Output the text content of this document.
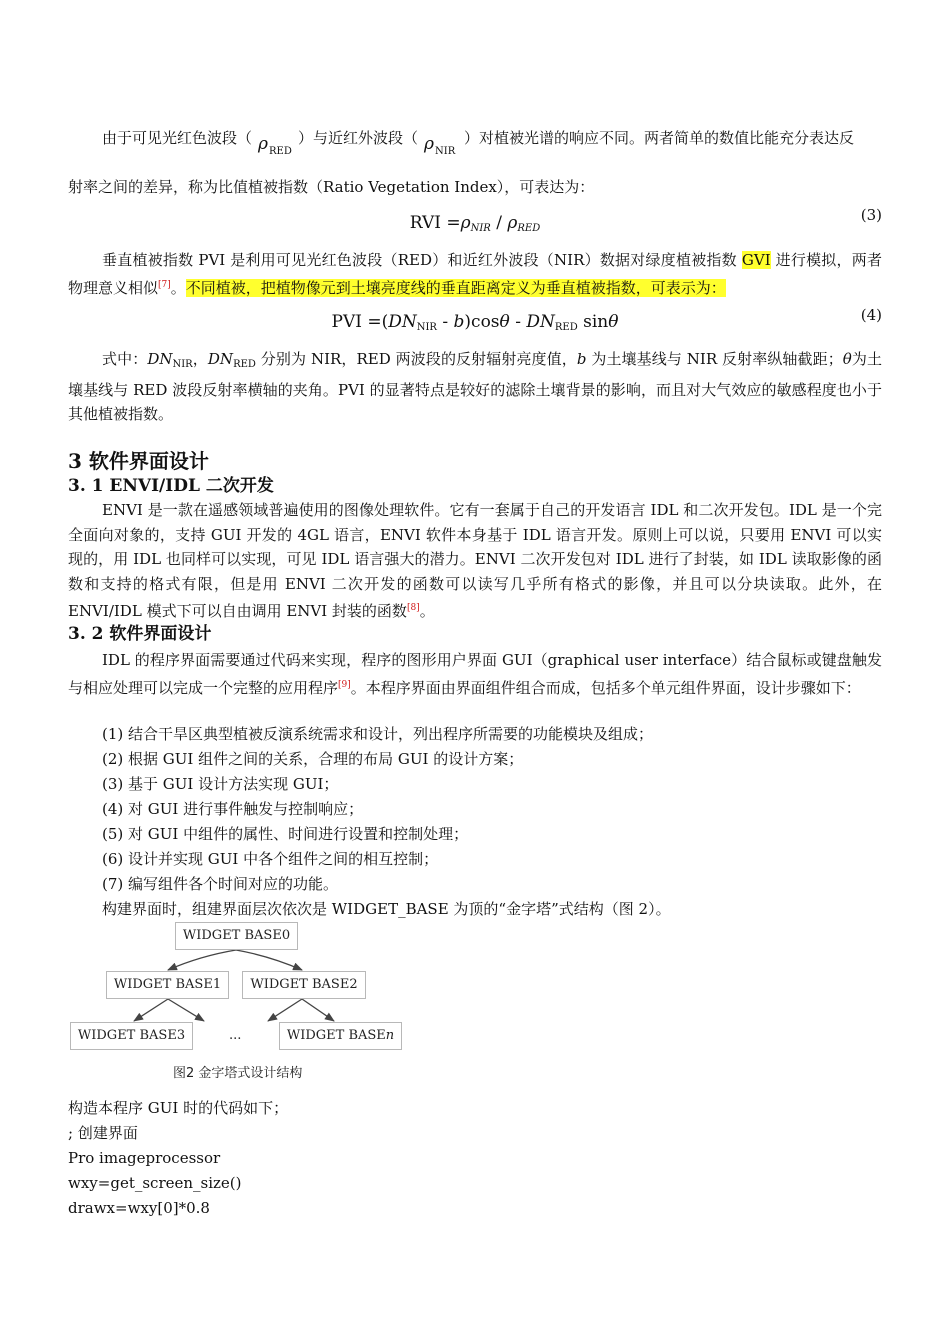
由于可见光红色波段（ ρ RED
）与近红外波段（ ρ NIR
）对植被光谱的响应不同。两者简单的数值比能充分表达反

射率之间的差异，称为比值植被指数（Ratio Vegetation Index），可表达为：

RVI =ρNIR / ρRED
(3)

垂直植被指数 PVI 是利用可见光红色波段（RED）和近红外波段（NIR）数据对绿度植被指数 GVI 进行模拟，两者物理意义相似[7]。不同植被，把植物像元到土壤亮度线的垂直距离定义为垂直植被指数，可表示为：

PVI $=(DN_{NIR} - b)\cos\theta - DN_{RED}$ sinθ	(4)

式中：$DN_{NIR}$，$DN_{RED}$ 分别为 NIR，RED 两波段的反射辐射亮度值，b 为土壤基线与 NIR 反射率纵轴截距；θ为土壤基线与 RED 波段反射率横轴的夹角。PVI 的显著特点是较好的滤除土壤背景的影响，而且对大气效应的敏感程度也小于其他植被指数。

3 软件界面设计
3. 1 ENVI/IDL 二次开发

ENVI 是一款在遥感领域普遍使用的图像处理软件。它有一套属于自己的开发语言 IDL 和二次开发包。IDL 是一个完全面向对象的，支持 GUI 开发的 4GL 语言，ENVI 软件本身基于 IDL 语言开发。原则上可以说，只要用 ENVI 可以实现的，用 IDL 也同样可以实现，可见 IDL 语言强大的潜力。ENVI 二次开发包对 IDL 进行了封装，如 IDL 读取影像的函数和支持的格式有限，但是用 ENVI 二次开发的函数可以读写几乎所有格式的影像，并且可以分块读取。此外，在 ENVI/IDL 模式下可以自由调用 ENVI 封装的函数[8]。

3. 2 软件界面设计

IDL 的程序界面需要通过代码来实现，程序的图形用户界面 GUI（graphical user interface）结合鼠标或键盘触发与相应处理可以完成一个完整的应用程序[9]。本程序界面由界面组件组合而成，包括多个单元组件界面，设计步骤如下：

(1) 结合干旱区典型植被反演系统需求和设计，列出程序所需要的功能模块及组成；

(2) 根据 GUI 组件之间的关系，合理的布局 GUI 的设计方案；

(3) 基于 GUI 设计方法实现 GUI；

(4) 对 GUI 进行事件触发与控制响应；

(5) 对 GUI 中组件的属性、时间进行设置和控制处理；

(6) 设计并实现 GUI 中各个组件之间的相互控制；

(7) 编写组件各个时间对应的功能。

构建界面时，组建界面层次依次是 WIDGET_BASE 为顶的“金字塔”式结构（图 2）。

WIDGET BASE0
WIDGET BASE1	WIDGET BASE2
WIDGET BASE3	...	WIDGET BASEn
图2 金字塔式设计结构

构造本程序 GUI 时的代码如下；

; 创建界面

Pro imageprocessor

wxy=get_screen_size()

drawx=wxy[0]*0.8
